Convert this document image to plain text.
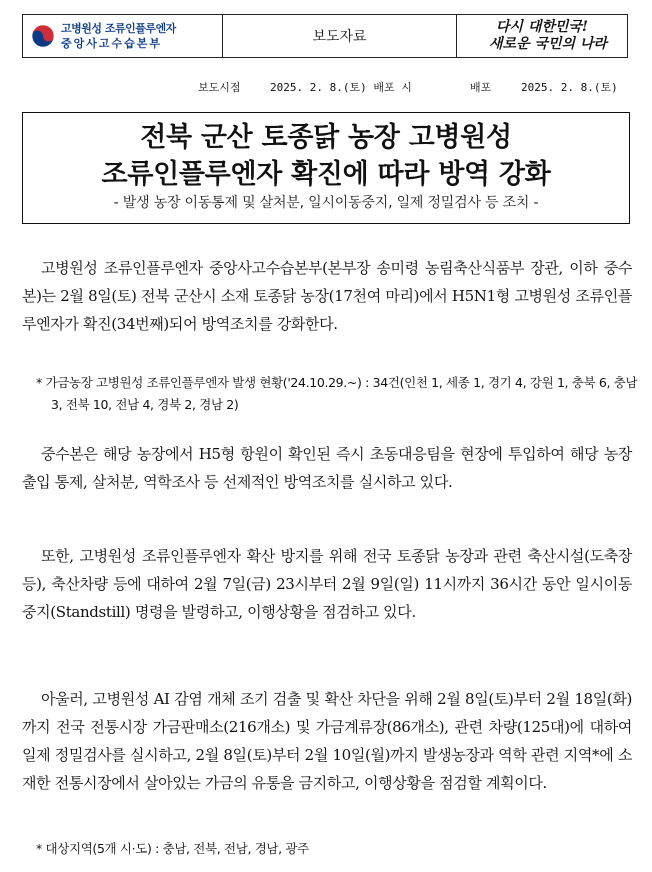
고병원성 조류인플루엔자
중앙사고수습본부	보도자료
다시 대한민국!
새로운 국민의 나라
보도시점	2025. 2. 8.(토) 배포 시	배포	2025. 2. 8.(토)
전북 군산 토종닭 농장 고병원성
조류인플루엔자 확진에 따라 방역 강화
- 발생 농장 이동통제 및 살처분, 일시이동중지, 일제 정밀검사 등 조치 -

고병원성 조류인플루엔자 중앙사고수습본부(본부장 송미령 농림축산식품부 장관, 이하 중수본)는 2월 8일(토) 전북 군산시 소재 토종닭 농장(17천여 마리)에서 H5N1형 고병원성 조류인플루엔자가 확진(34번째)되어 방역조치를 강화한다.

* 가금농장 고병원성 조류인플루엔자 발생 현황('24.10.29.~) : 34건(인천 1, 세종 1, 경기 4, 강원 1, 충북 6, 충남 3, 전북 10, 전남 4, 경북 2, 경남 2)

중수본은 해당 농장에서 H5형 항원이 확인된 즉시 초동대응팀을 현장에 투입하여 해당 농장 출입 통제, 살처분, 역학조사 등 선제적인 방역조치를 실시하고 있다.

또한, 고병원성 조류인플루엔자 확산 방지를 위해 전국 토종닭 농장과 관련 축산시설(도축장 등), 축산차량 등에 대하여 2월 7일(금) 23시부터 2월 9일(일) 11시까지 36시간 동안 일시이동중지(Standstill) 명령을 발령하고, 이행상황을 점검하고 있다.

아울러, 고병원성 AI 감염 개체 조기 검출 및 확산 차단을 위해 2월 8일(토)부터 2월 18일(화)까지 전국 전통시장 가금판매소(216개소) 및 가금계류장(86개소), 관련 차량(125대)에 대하여 일제 정밀검사를 실시하고, 2월 8일(토)부터 2월 10일(월)까지 발생농장과 역학 관련 지역*에 소재한 전통시장에서 살아있는 가금의 유통을 금지하고, 이행상황을 점검할 계획이다.

* 대상지역(5개 시·도) : 충남, 전북, 전남, 경남, 광주
